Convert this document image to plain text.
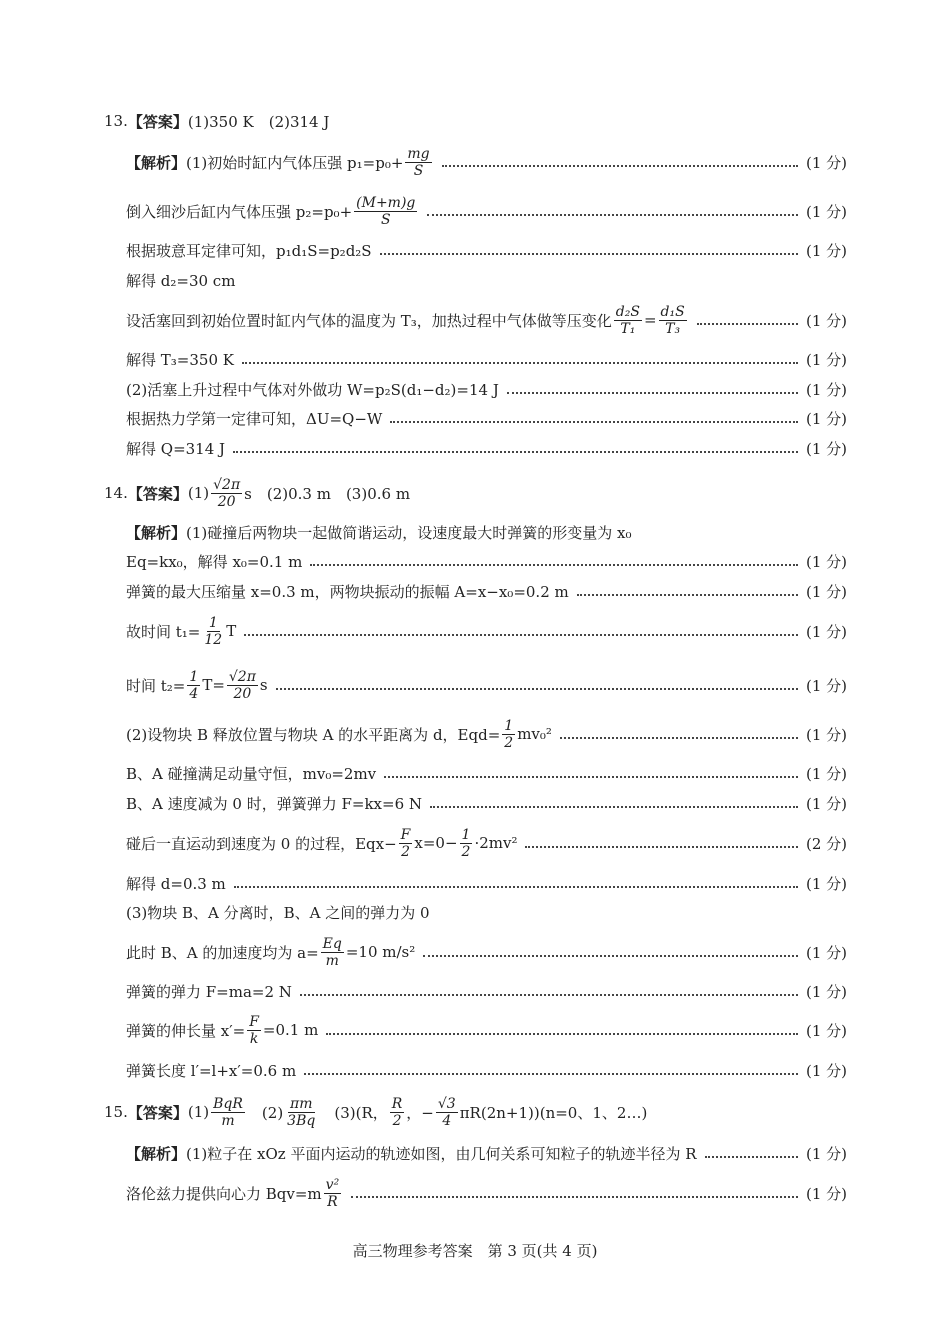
13. 【答案】 (1)350 K　(2)314 J
【解析】 (1)初始时缸内气体压强 $p_1=p_0+ \frac{mg}{S}$	(1 分)
倒入细沙后缸内气体压强 $p_2=p_0+ \frac{(M+m)g}{S}$	(1 分)
根据玻意耳定律可知，p₁d₁S=p₂d₂S	(1 分)
解得 d₂=30 cm
设活塞回到初始位置时缸内气体的温度为 T₃，加热过程中气体做等压变化 $\frac{\text{d₂S}}{\text{T₁}} = \frac{\text{d₁S}}{\text{T₃}}$	(1 分)
解得 T₃=350 K	(1 分)
(2)活塞上升过程中气体对外做功 W=p₂S(d₁−d₂)=14 J	(1 分)
根据热力学第一定律可知，ΔU=Q−W	(1 分)
解得 Q=314 J	(1 分)
14. 【答案】 $(1) \frac{√2\pi}{20}$ s　(2)0.3 m　(3)0.6 m
【解析】 (1)碰撞后两物块一起做简谐运动，设速度最大时弹簧的形变量为 x₀
Eq=kx₀，解得 x₀=0.1 m	(1 分)
弹簧的最大压缩量 x=0.3 m，两物块振动的振幅 A=x−x₀=0.2 m	(1 分)
故时间 $t_1= \frac{1}{12}$ T	(1 分)
时间 $t_2= \frac{1}{4} T= \frac{√2\pi}{20}$ s	(1 分)
(2)设物块 B 释放位置与物块 A 的水平距离为 d，$Eqd= \frac{1}{2} mv_0^2$	(1 分)
B、A 碰撞满足动量守恒，mv₀=2mv	(1 分)
B、A 速度减为 0 时，弹簧弹力 F=kx=6 N	(1 分)
碰后一直运动到速度为 0 的过程，$Eqx- \frac{F}{2} x=0- \frac{1}{2} \cdot 2mv^2$	(2 分)
解得 d=0.3 m	(1 分)
(3)物块 B、A 分离时，B、A 之间的弹力为 0
此时 B、A 的加速度均为 $a= \frac{Eq}{m} =10$ m/s²	(1 分)
弹簧的弹力 F=ma=2 N	(1 分)
弹簧的伸长量 $x'= \frac{F}{k} =0.1$ m	(1 分)
弹簧长度 l′=l+x′=0.6 m	(1 分)
15. 【答案】 $(1) \frac{\text{BqR}}{m}$ 　$(2) \frac{\pi m}{3Bq}$ 　(3)(R， $\frac{R}{2}$ ，− $\frac{√3}{4} \pi R(2n+1))(n=0$、1、2…)
【解析】 (1)粒子在 xOz 平面内运动的轨迹如图，由几何关系可知粒子的轨迹半径为 R	(1 分)
洛伦兹力提供向心力 $Bqv=m \frac{\text{v²}}{R}$	(1 分)
高三物理参考答案　第 3 页(共 4 页)
